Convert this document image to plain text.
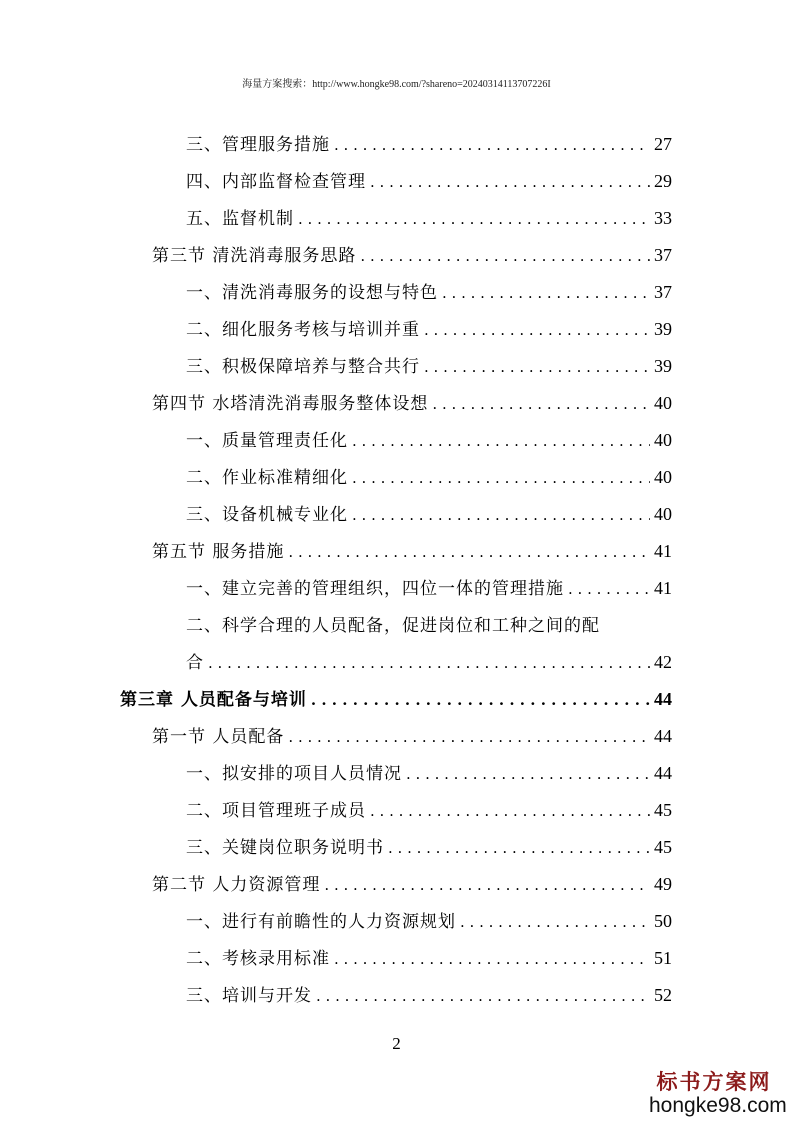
海量方案搜索：http://www.hongke98.com/?shareno=20240314113707226I
三、管理服务措施 . . .	27
四、内部监督检查管理 . . .	29
五、监督机制 . . .	33
第三节 清洗消毒服务思路 . . .	37
一、清洗消毒服务的设想与特色 . . .	37
二、细化服务考核与培训并重 . . .	39
三、积极保障培养与整合共行 . . .	39
第四节 水塔清洗消毒服务整体设想 . . .	40
一、质量管理责任化 . . .	40
二、作业标准精细化 . . .	40
三、设备机械专业化 . . .	40
第五节 服务措施 . . .	41
一、建立完善的管理组织，四位一体的管理措施 . . .	41
二、科学合理的人员配备，促进岗位和工种之间的配
合 . . .	42
第三章 人员配备与培训 . . .	44
第一节 人员配备 . . .	44
一、拟安排的项目人员情况 . . .	44
二、项目管理班子成员 . . .	45
三、关键岗位职务说明书 . . .	45
第二节 人力资源管理 . . .	49
一、进行有前瞻性的人力资源规划 . . .	50
二、考核录用标准 . . .	51
三、培训与开发 . . .	52
2
标书方案网
hongke98.com
